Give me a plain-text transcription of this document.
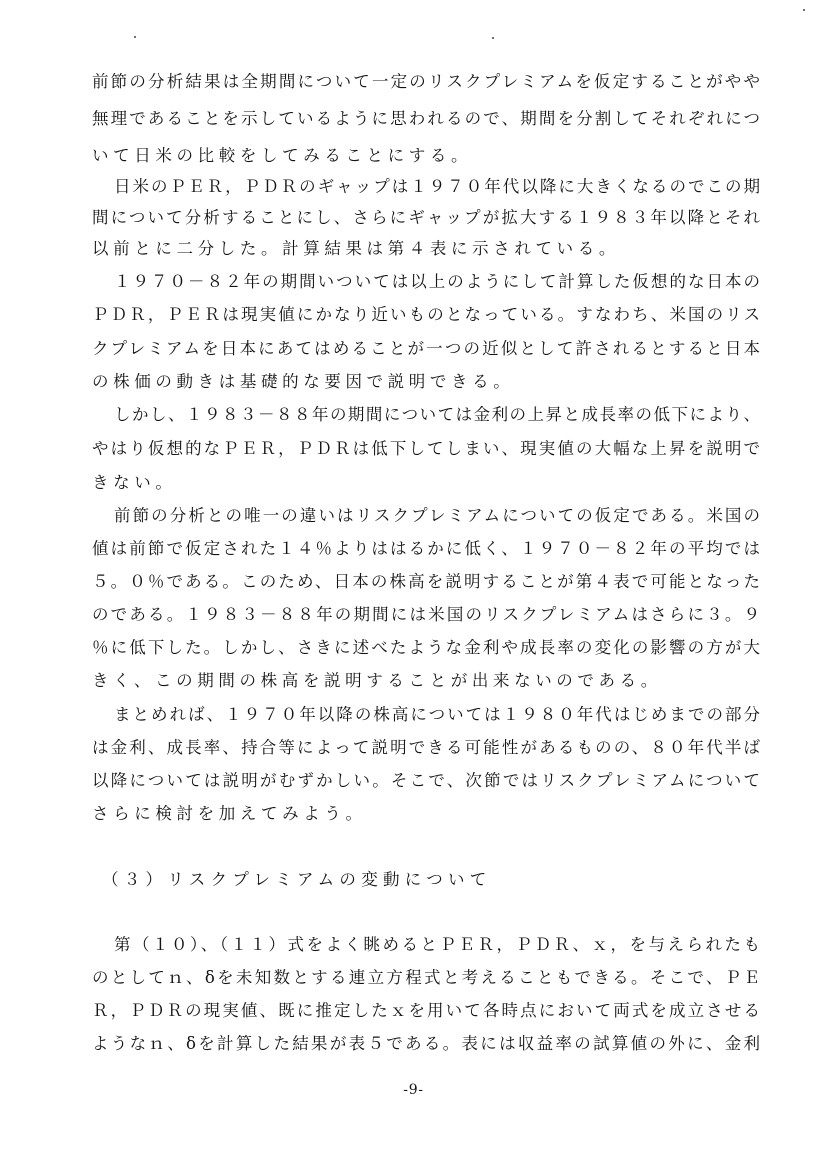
前節の分析結果は全期間について一定のリスクプレミアムを仮定することがやや
無理であることを示しているように思われるので、期間を分割してそれぞれにつ
いて日米の比較をしてみることにする。
日米のＰＥＲ，ＰＤＲのギャップは１９７０年代以降に大きくなるのでこの期
間について分析することにし、さらにギャップが拡大する１９８３年以降とそれ
以前とに二分した。計算結果は第４表に示されている。
１９７０－８２年の期間いついては以上のようにして計算した仮想的な日本の
ＰＤＲ，ＰＥＲは現実値にかなり近いものとなっている。すなわち、米国のリス
クプレミアムを日本にあてはめることが一つの近似として許されるとすると日本
の株価の動きは基礎的な要因で説明できる。
しかし、１９８３－８８年の期間については金利の上昇と成長率の低下により、
やはり仮想的なＰＥＲ，ＰＤＲは低下してしまい、現実値の大幅な上昇を説明で
きない。
前節の分析との唯一の違いはリスクプレミアムについての仮定である。米国の
値は前節で仮定された１４％よりははるかに低く、１９７０－８２年の平均では
５。０％である。このため、日本の株高を説明することが第４表で可能となった
のである。１９８３－８８年の期間には米国のリスクプレミアムはさらに３。９
％に低下した。しかし、さきに述べたような金利や成長率の変化の影響の方が大
きく、この期間の株高を説明することが出来ないのである。
まとめれば、１９７０年以降の株高については１９８０年代はじめまでの部分
は金利、成長率、持合等によって説明できる可能性があるものの、８０年代半ば
以降については説明がむずかしい。そこで、次節ではリスクプレミアムについて
さらに検討を加えてみよう。
（３）リスクプレミアムの変動について
第（１０）、（１１）式をよく眺めるとＰＥＲ，ＰＤＲ、ｘ，を与えられたも
のとしてｎ、δを未知数とする連立方程式と考えることもできる。そこで、ＰＥ
Ｒ，ＰＤＲの現実値、既に推定したｘを用いて各時点において両式を成立させる
ようなｎ、δを計算した結果が表５である。表には収益率の試算値の外に、金利
-9-
